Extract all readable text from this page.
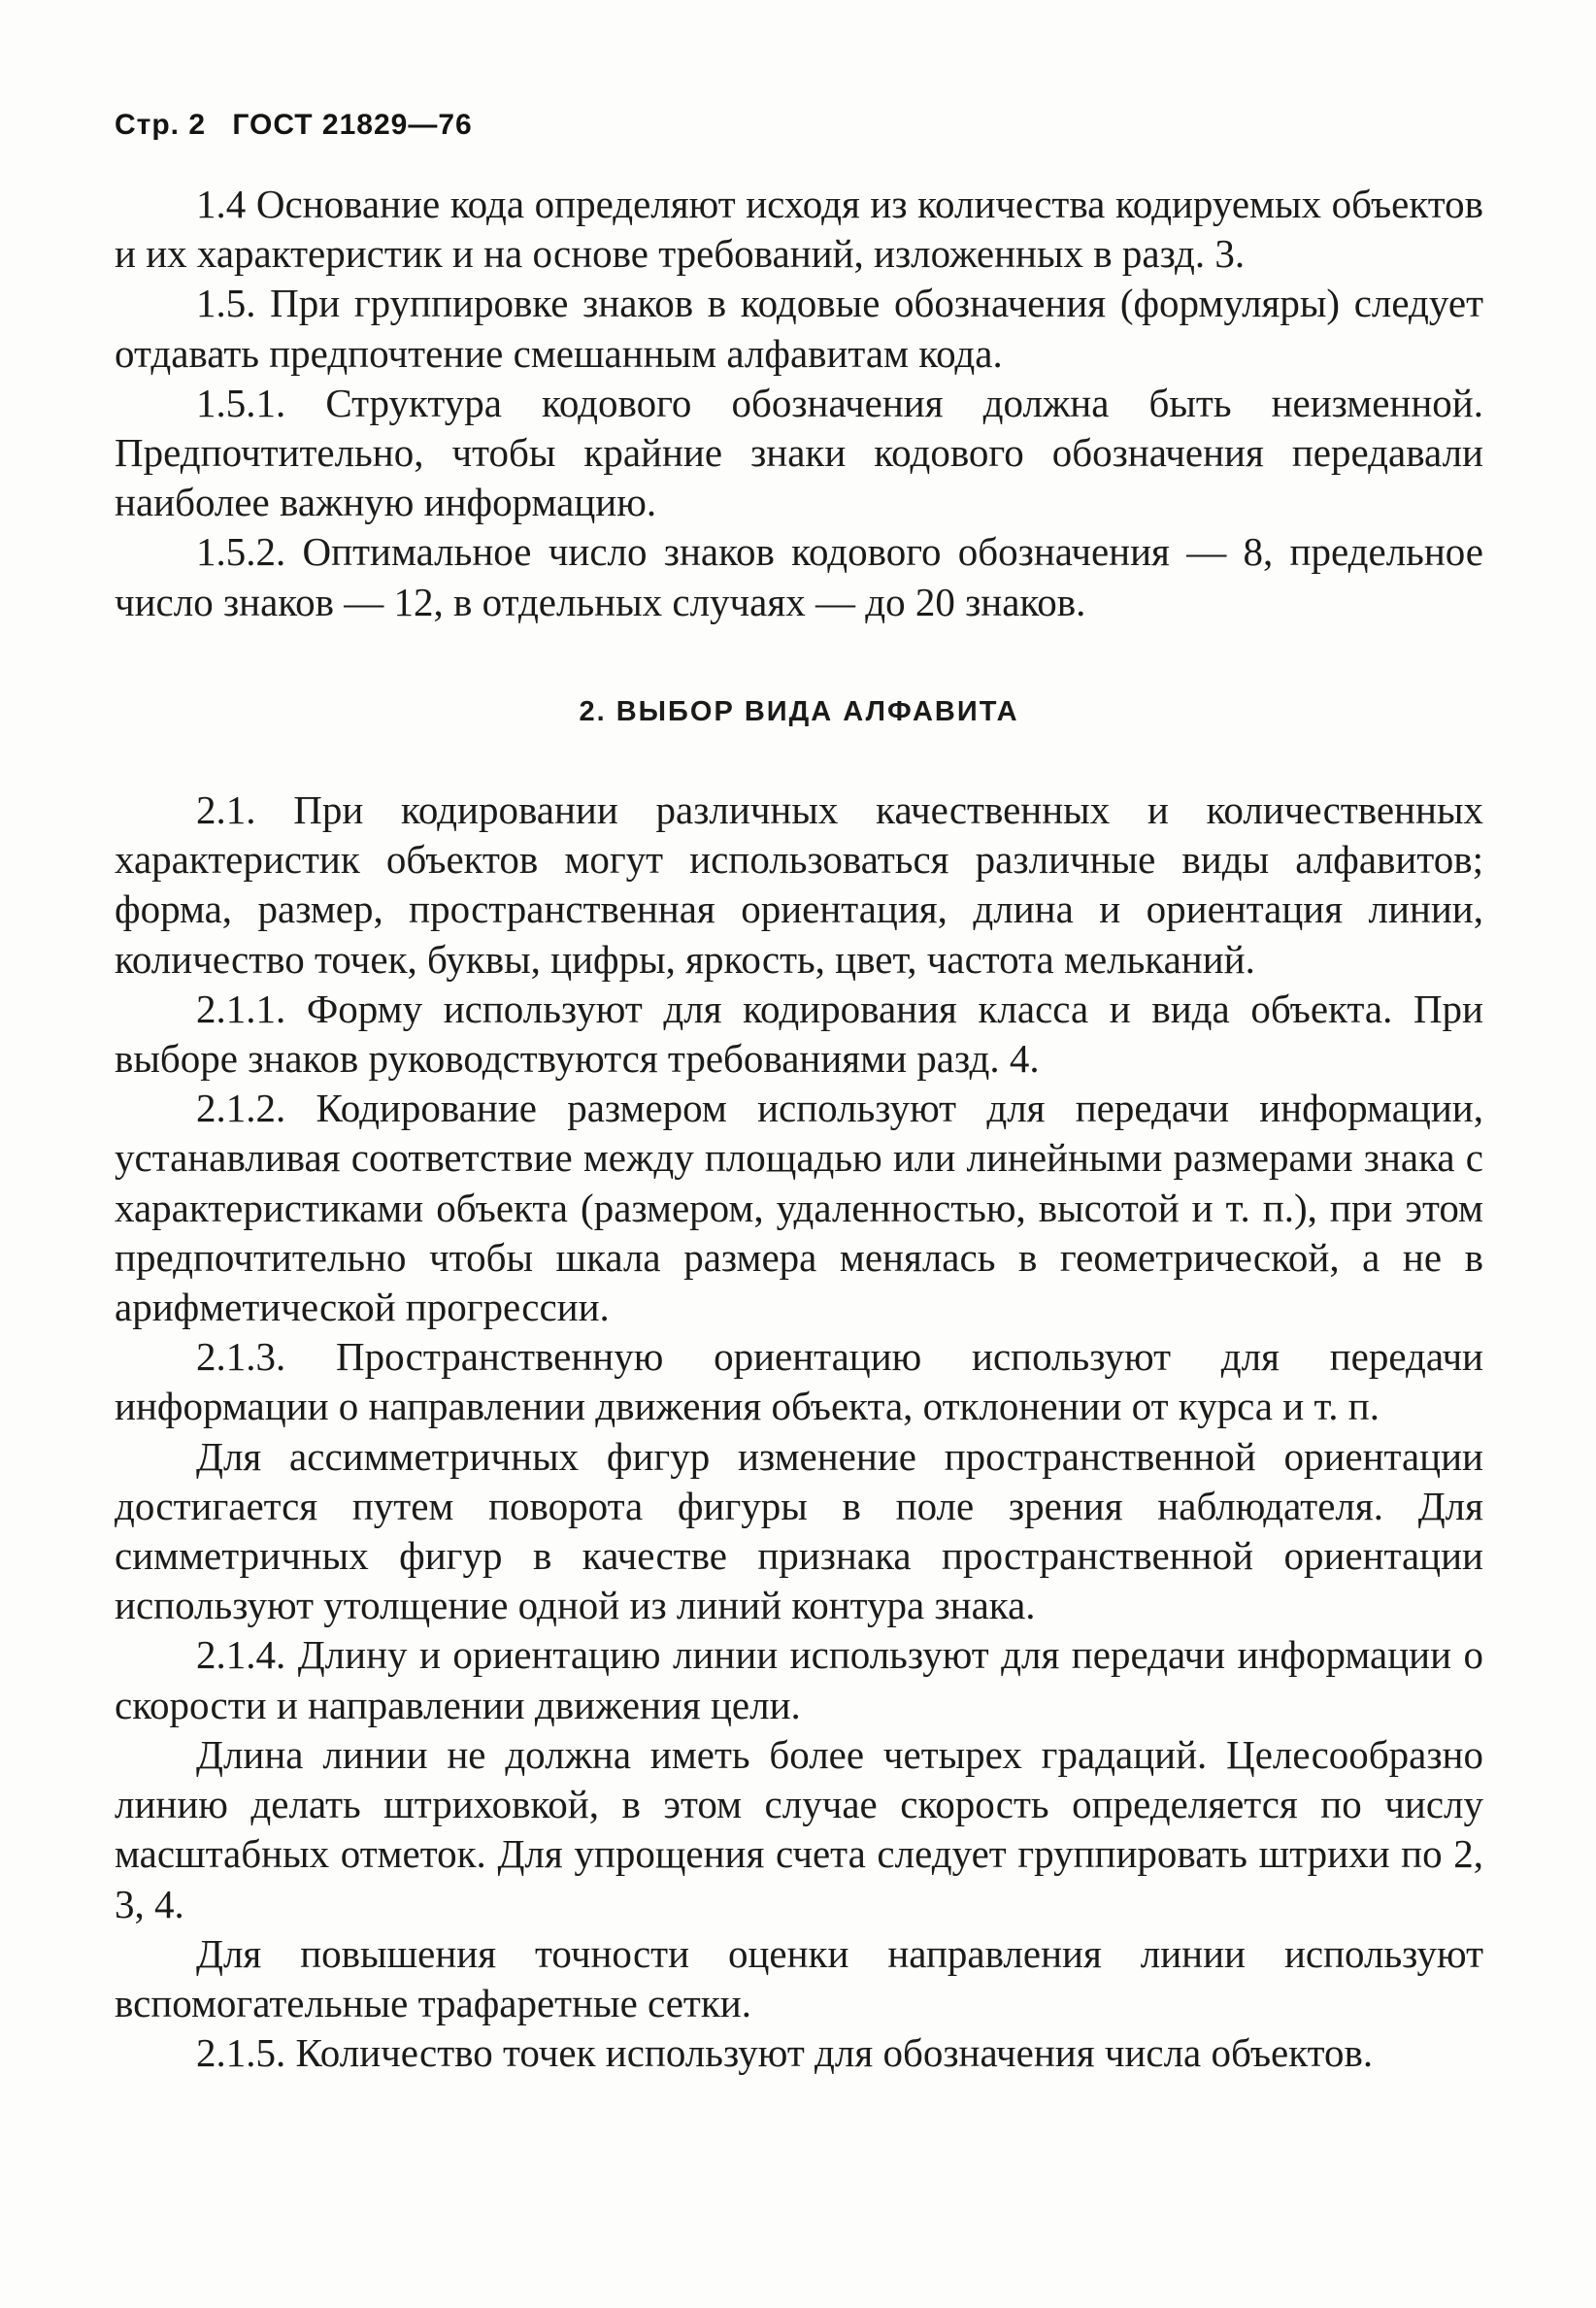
Стр. 2 ГОСТ 21829—76

1.4 Основание кода определяют исходя из количества кодируемых объектов и их характеристик и на основе требований, изложенных в разд. 3.

1.5. При группировке знаков в кодовые обозначения (формуляры) следует отдавать предпочтение смешанным алфавитам кода.

1.5.1. Структура кодового обозначения должна быть неизменной. Предпочтительно, чтобы крайние знаки кодового обозначения передавали наиболее важную информацию.

1.5.2. Оптимальное число знаков кодового обозначения — 8, предельное число знаков — 12, в отдельных случаях — до 20 знаков.

2. ВЫБОР ВИДА АЛФАВИТА

2.1. При кодировании различных качественных и количественных характеристик объектов могут использоваться различные виды алфавитов; форма, размер, пространственная ориентация, длина и ориентация линии, количество точек, буквы, цифры, яркость, цвет, частота мельканий.

2.1.1. Форму используют для кодирования класса и вида объекта. При выборе знаков руководствуются требованиями разд. 4.

2.1.2. Кодирование размером используют для передачи информации, устанавливая соответствие между площадью или линейными размерами знака с характеристиками объекта (размером, удаленностью, высотой и т. п.), при этом предпочтительно чтобы шкала размера менялась в геометрической, а не в арифметической прогрессии.

2.1.3. Пространственную ориентацию используют для передачи информации о направлении движения объекта, отклонении от курса и т. п.

Для ассимметричных фигур изменение пространственной ориентации достигается путем поворота фигуры в поле зрения наблюдателя. Для симметричных фигур в качестве признака пространственной ориентации используют утолщение одной из линий контура знака.

2.1.4. Длину и ориентацию линии используют для передачи информации о скорости и направлении движения цели.

Длина линии не должна иметь более четырех градаций. Целесообразно линию делать штриховкой, в этом случае скорость определяется по числу масштабных отметок. Для упрощения счета следует группировать штрихи по 2, 3, 4.

Для повышения точности оценки направления линии используют вспомогательные трафаретные сетки.

2.1.5. Количество точек используют для обозначения числа объектов.
